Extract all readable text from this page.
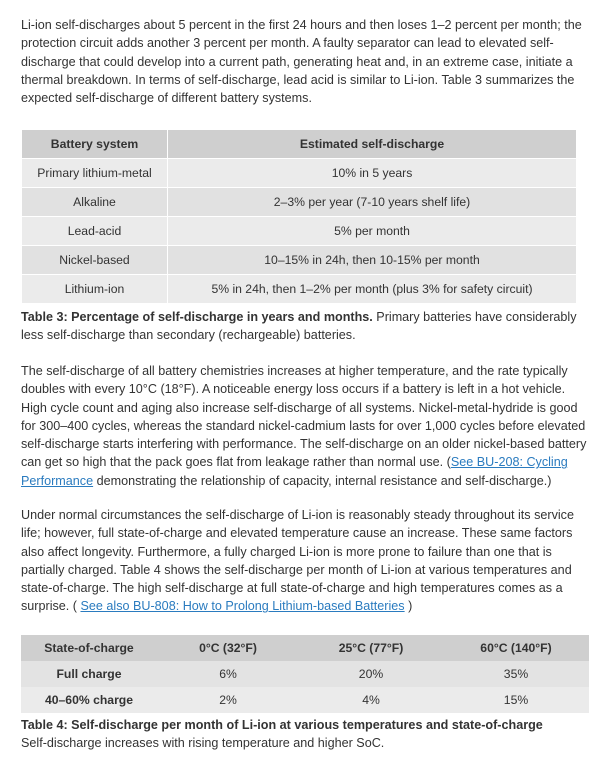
Li-ion self-discharges about 5 percent in the first 24 hours and then loses 1–2 percent per month; the protection circuit adds another 3 percent per month. A faulty separator can lead to elevated self-discharge that could develop into a current path, generating heat and, in an extreme case, initiate a thermal breakdown. In terms of self-discharge, lead acid is similar to Li-ion. Table 3 summarizes the expected self-discharge of different battery systems.

Battery system	Estimated self-discharge
Primary lithium-metal	10% in 5 years
Alkaline	2–3% per year (7-10 years shelf life)
Lead-acid	5% per month
Nickel-based	10–15% in 24h, then 10-15% per month
Lithium-ion	5% in 24h, then 1–2% per month (plus 3% for safety circuit)

Table 3: Percentage of self-discharge in years and months. Primary batteries have considerably less self-discharge than secondary (rechargeable) batteries.

The self-discharge of all battery chemistries increases at higher temperature, and the rate typically doubles with every 10°C (18°F). A noticeable energy loss occurs if a battery is left in a hot vehicle. High cycle count and aging also increase self-discharge of all systems. Nickel-metal-hydride is good for 300–400 cycles, whereas the standard nickel-cadmium lasts for over 1,000 cycles before elevated self-discharge starts interfering with performance. The self-discharge on an older nickel-based battery can get so high that the pack goes flat from leakage rather than normal use. (See BU-208: Cycling Performance demonstrating the relationship of capacity, internal resistance and self-discharge.)

Under normal circumstances the self-discharge of Li-ion is reasonably steady throughout its service life; however, full state-of-charge and elevated temperature cause an increase. These same factors also affect longevity. Furthermore, a fully charged Li-ion is more prone to failure than one that is partially charged. Table 4 shows the self-discharge per month of Li-ion at various temperatures and state-of-charge. The high self-discharge at full state-of-charge and high temperatures comes as a surprise. ( See also BU-808: How to Prolong Lithium-based Batteries )

State-of-charge	0°C (32°F)	25°C (77°F)	60°C (140°F)
Full charge	6%	20%	35%
40–60% charge	2%	4%	15%

Table 4: Self-discharge per month of Li-ion at various temperatures and state-of-charge
Self-discharge increases with rising temperature and higher SoC.
